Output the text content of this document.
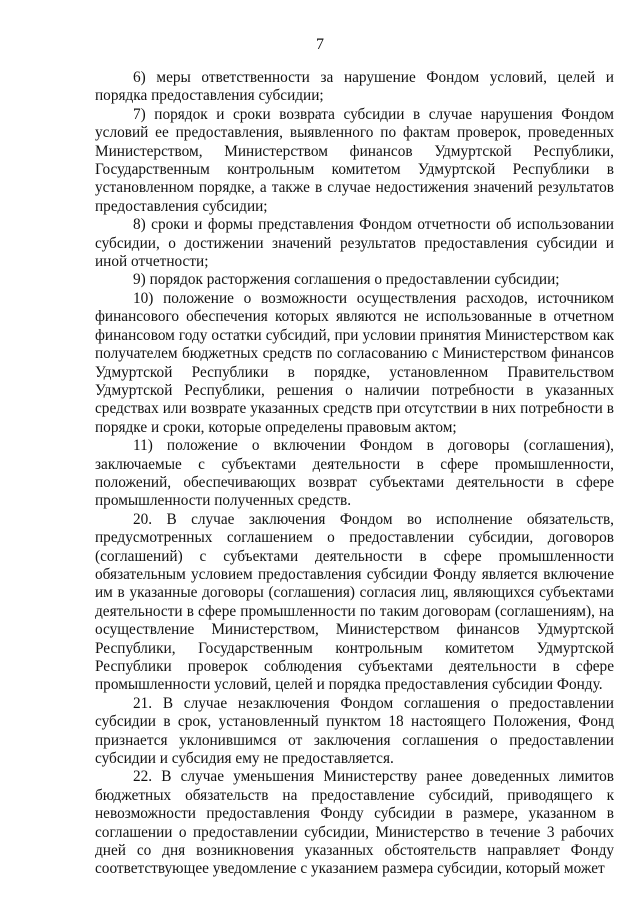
7

6) меры ответственности за нарушение Фондом условий, целей и порядка предоставления субсидии;

7) порядок и сроки возврата субсидии в случае нарушения Фондом условий ее предоставления, выявленного по фактам проверок, проведенных Министерством, Министерством финансов Удмуртской Республики, Государственным контрольным комитетом Удмуртской Республики в установленном порядке, а также в случае недостижения значений результатов предоставления субсидии;

8) сроки и формы представления Фондом отчетности об использовании субсидии, о достижении значений результатов предоставления субсидии и иной отчетности;

9) порядок расторжения соглашения о предоставлении субсидии;

10) положение о возможности осуществления расходов, источником финансового обеспечения которых являются не использованные в отчетном финансовом году остатки субсидий, при условии принятия Министерством как получателем бюджетных средств по согласованию с Министерством финансов Удмуртской Республики в порядке, установленном Правительством Удмуртской Республики, решения о наличии потребности в указанных средствах или возврате указанных средств при отсутствии в них потребности в порядке и сроки, которые определены правовым актом;

11) положение о включении Фондом в договоры (соглашения), заключаемые с субъектами деятельности в сфере промышленности, положений, обеспечивающих возврат субъектами деятельности в сфере промышленности полученных средств.

20. В случае заключения Фондом во исполнение обязательств, предусмотренных соглашением о предоставлении субсидии, договоров (соглашений) с субъектами деятельности в сфере промышленности обязательным условием предоставления субсидии Фонду является включение им в указанные договоры (соглашения) согласия лиц, являющихся субъектами деятельности в сфере промышленности по таким договорам (соглашениям), на осуществление Министерством, Министерством финансов Удмуртской Республики, Государственным контрольным комитетом Удмуртской Республики проверок соблюдения субъектами деятельности в сфере промышленности условий, целей и порядка предоставления субсидии Фонду.

21. В случае незаключения Фондом соглашения о предоставлении субсидии в срок, установленный пунктом 18 настоящего Положения, Фонд признается уклонившимся от заключения соглашения о предоставлении субсидии и субсидия ему не предоставляется.

22. В случае уменьшения Министерству ранее доведенных лимитов бюджетных обязательств на предоставление субсидий, приводящего к невозможности предоставления Фонду субсидии в размере, указанном в соглашении о предоставлении субсидии, Министерство в течение 3 рабочих дней со дня возникновения указанных обстоятельств направляет Фонду соответствующее уведомление с указанием размера субсидии, который может
